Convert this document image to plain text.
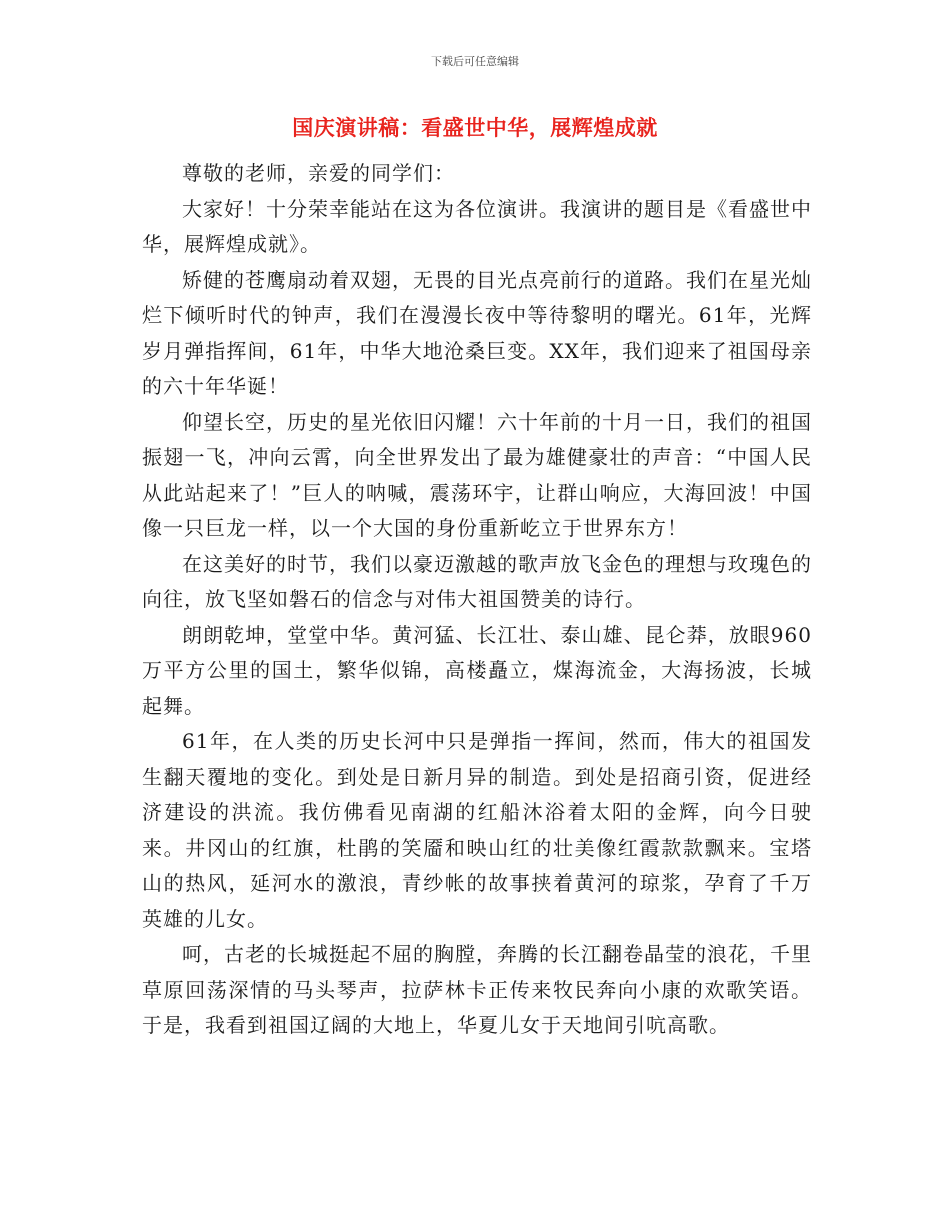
下载后可任意编辑
国庆演讲稿：看盛世中华，展辉煌成就

尊敬的老师，亲爱的同学们：

大家好！十分荣幸能站在这为各位演讲。我演讲的题目是《看盛世中华，展辉煌成就》。

矫健的苍鹰扇动着双翅，无畏的目光点亮前行的道路。我们在星光灿烂下倾听时代的钟声，我们在漫漫长夜中等待黎明的曙光。61年，光辉岁月弹指挥间，61年，中华大地沧桑巨变。XX年，我们迎来了祖国母亲的六十年华诞！

仰望长空，历史的星光依旧闪耀！六十年前的十月一日，我们的祖国振翅一飞，冲向云霄，向全世界发出了最为雄健豪壮的声音：“中国人民从此站起来了！”巨人的呐喊，震荡环宇，让群山响应，大海回波！中国像一只巨龙一样，以一个大国的身份重新屹立于世界东方！

在这美好的时节，我们以豪迈激越的歌声放飞金色的理想与玫瑰色的向往，放飞坚如磐石的信念与对伟大祖国赞美的诗行。

朗朗乾坤，堂堂中华。黄河猛、长江壮、泰山雄、昆仑莽，放眼960万平方公里的国土，繁华似锦，高楼矗立，煤海流金，大海扬波，长城起舞。

61年，在人类的历史长河中只是弹指一挥间，然而，伟大的祖国发生翻天覆地的变化。到处是日新月异的制造。到处是招商引资，促进经济建设的洪流。我仿佛看见南湖的红船沐浴着太阳的金辉，向今日驶来。井冈山的红旗，杜鹃的笑靥和映山红的壮美像红霞款款飘来。宝塔山的热风，延河水的激浪，青纱帐的故事挟着黄河的琼浆，孕育了千万英雄的儿女。

呵，古老的长城挺起不屈的胸膛，奔腾的长江翻卷晶莹的浪花，千里草原回荡深情的马头琴声，拉萨林卡正传来牧民奔向小康的欢歌笑语。于是，我看到祖国辽阔的大地上，华夏儿女于天地间引吭高歌。
